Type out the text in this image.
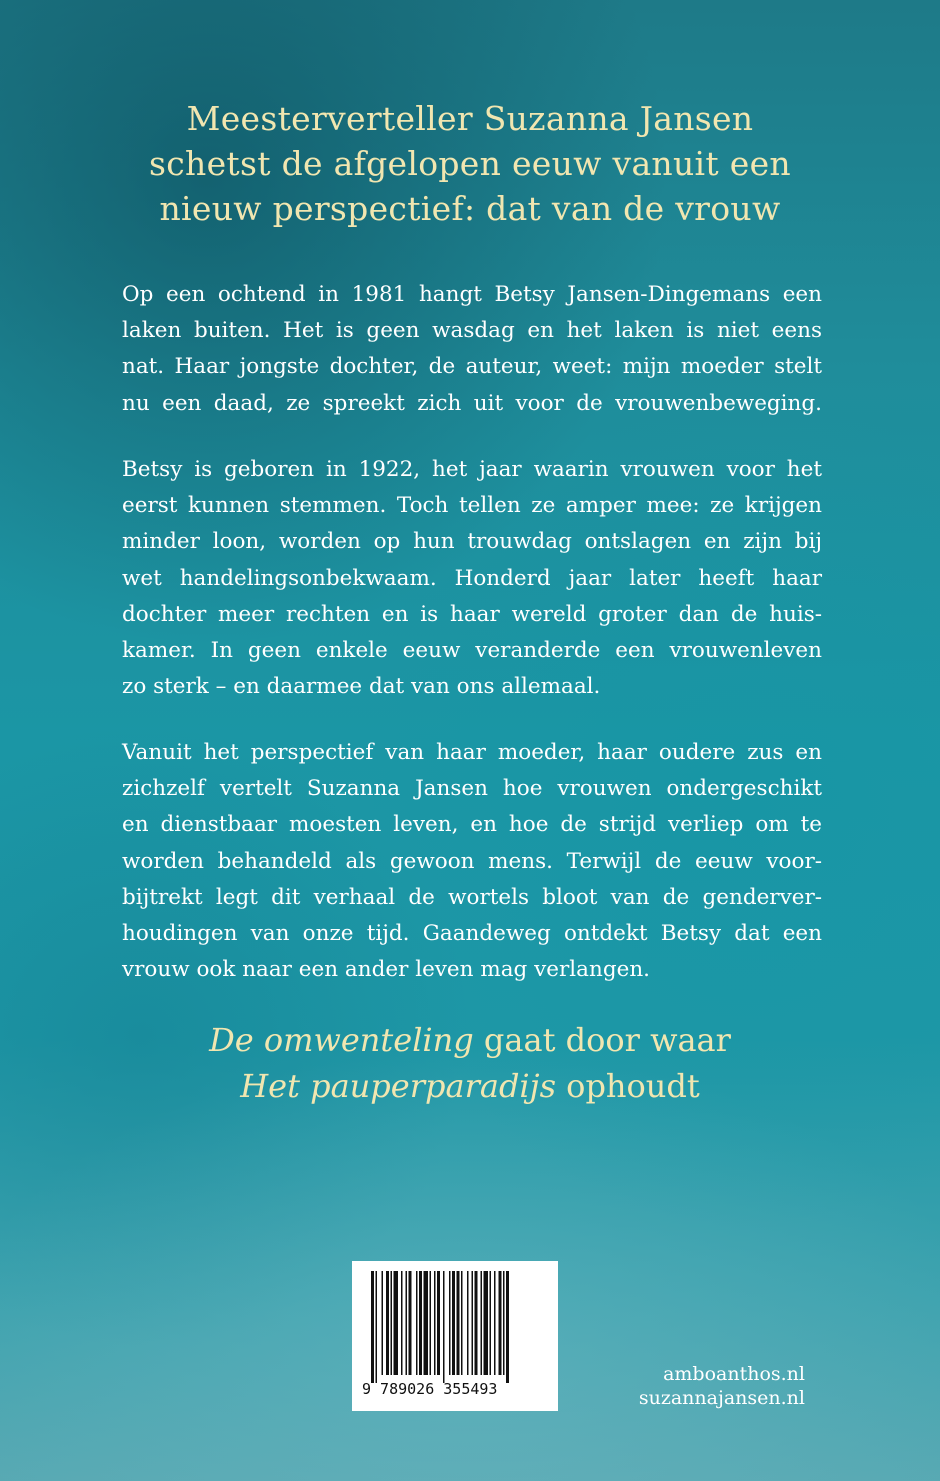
Meesterverteller Suzanna Jansen
schetst de afgelopen eeuw vanuit een
nieuw perspectief: dat van de vrouw
Op een ochtend in 1981 hangt Betsy Jansen-Dingemans een
laken buiten. Het is geen wasdag en het laken is niet eens
nat. Haar jongste dochter, de auteur, weet: mijn moeder stelt
nu een daad, ze spreekt zich uit voor de vrouwenbeweging.
Betsy is geboren in 1922, het jaar waarin vrouwen voor het
eerst kunnen stemmen. Toch tellen ze amper mee: ze krijgen
minder loon, worden op hun trouwdag ontslagen en zijn bij
wet handelingsonbekwaam. Honderd jaar later heeft haar
dochter meer rechten en is haar wereld groter dan de huis-
kamer. In geen enkele eeuw veranderde een vrouwenleven
zo sterk – en daarmee dat van ons allemaal.
Vanuit het perspectief van haar moeder, haar oudere zus en
zichzelf vertelt Suzanna Jansen hoe vrouwen ondergeschikt
en dienstbaar moesten leven, en hoe de strijd verliep om te
worden behandeld als gewoon mens. Terwijl de eeuw voor-
bijtrekt legt dit verhaal de wortels bloot van de genderver-
houdingen van onze tijd. Gaandeweg ontdekt Betsy dat een
vrouw ook naar een ander leven mag verlangen.
De omwenteling gaat door waar
Het pauperparadijs ophoudt
9 789026 355493
amboanthos.nl
suzannajansen.nl
